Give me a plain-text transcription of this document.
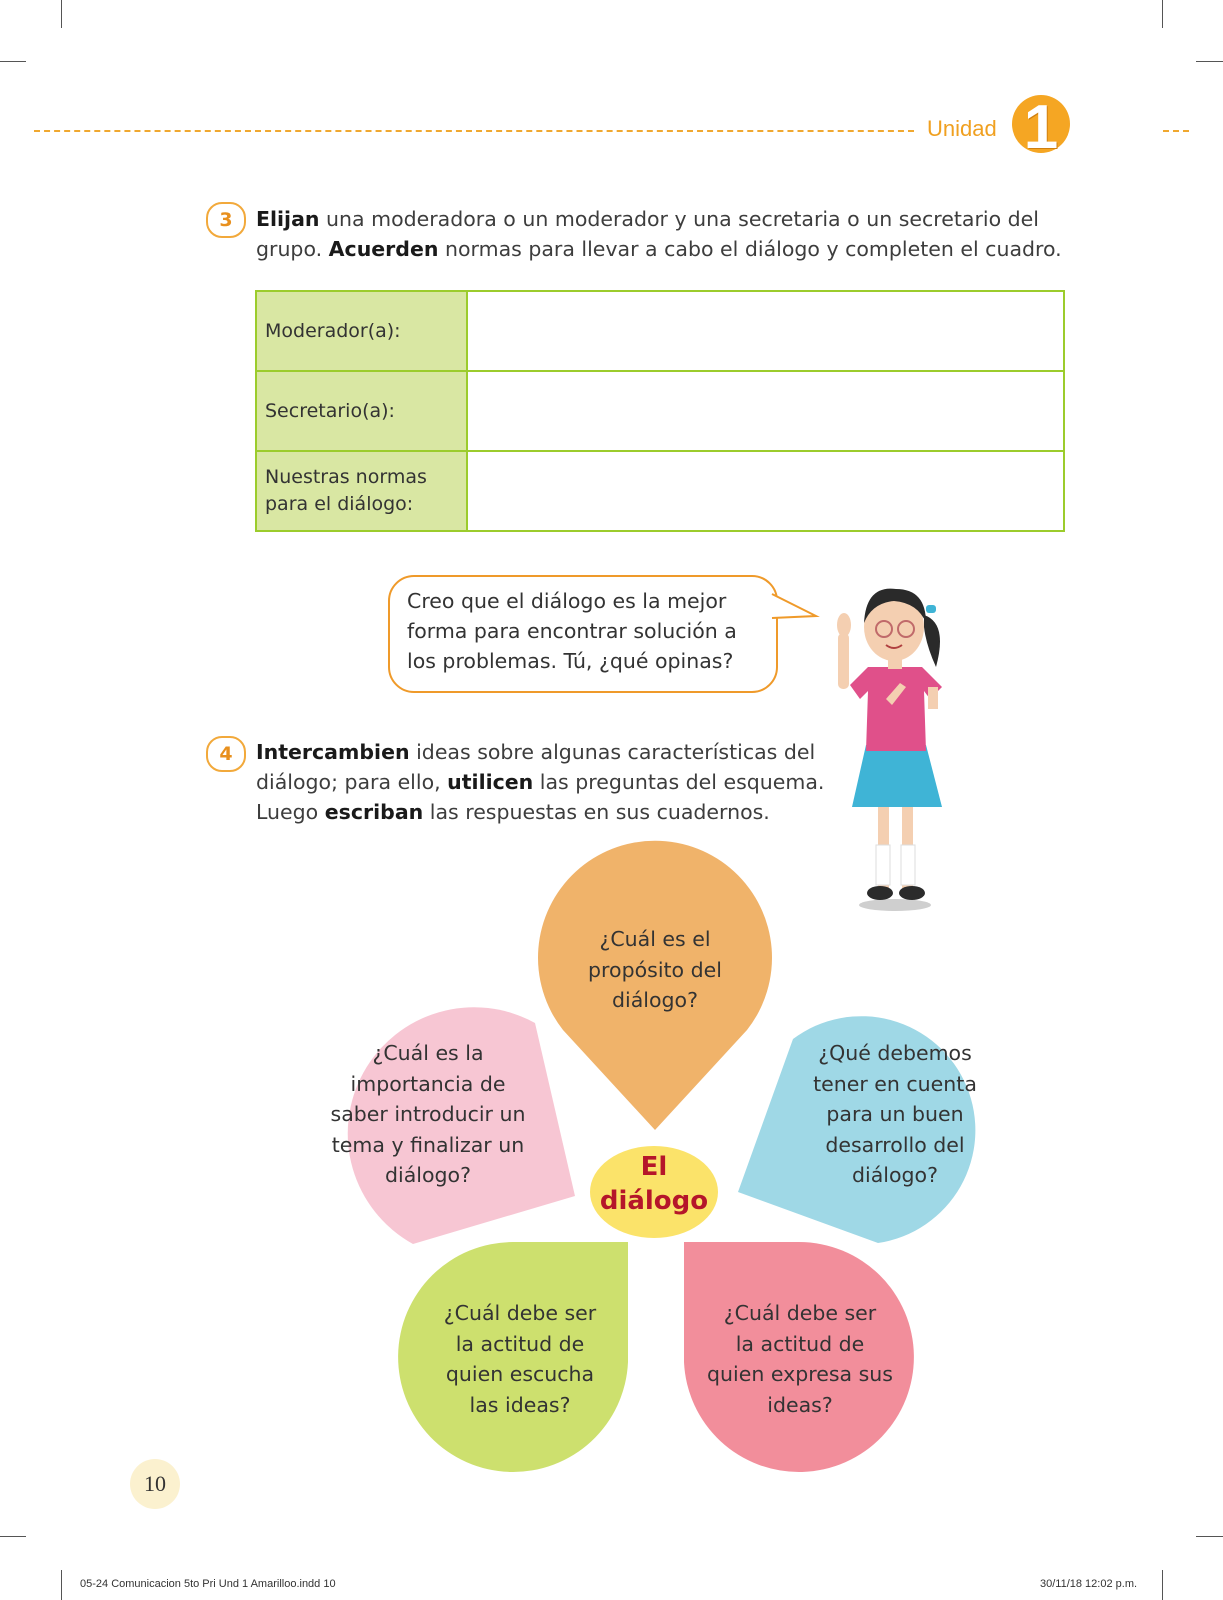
Unidad 1
3	Elijan una moderadora o un moderador y una secretaria o un secretario del grupo. Acuerden normas para llevar a cabo el diálogo y completen el cuadro.
Moderador(a):	
Secretario(a):	

Nuestras normas
para el diálogo:	

Creo que el diálogo es la mejor
forma para encontrar solución a
los problemas. Tú, ¿qué opinas?
4	Intercambien ideas sobre algunas características del diálogo; para ello, utilicen las preguntas del esquema. Luego escriban las respuestas en sus cuadernos.
¿Cuál es el
propósito del
diálogo?
¿Cuál es la
importancia de
saber introducir un
tema y finalizar un
diálogo?
¿Qué debemos
tener en cuenta
para un buen
desarrollo del
diálogo?
¿Cuál debe ser
la actitud de
quien escucha
las ideas?
¿Cuál debe ser
la actitud de
quien expresa sus
ideas?
El
diálogo
10
05-24 Comunicacion 5to Pri Und 1 Amarilloo.indd 10	30/11/18 12:02 p.m.
